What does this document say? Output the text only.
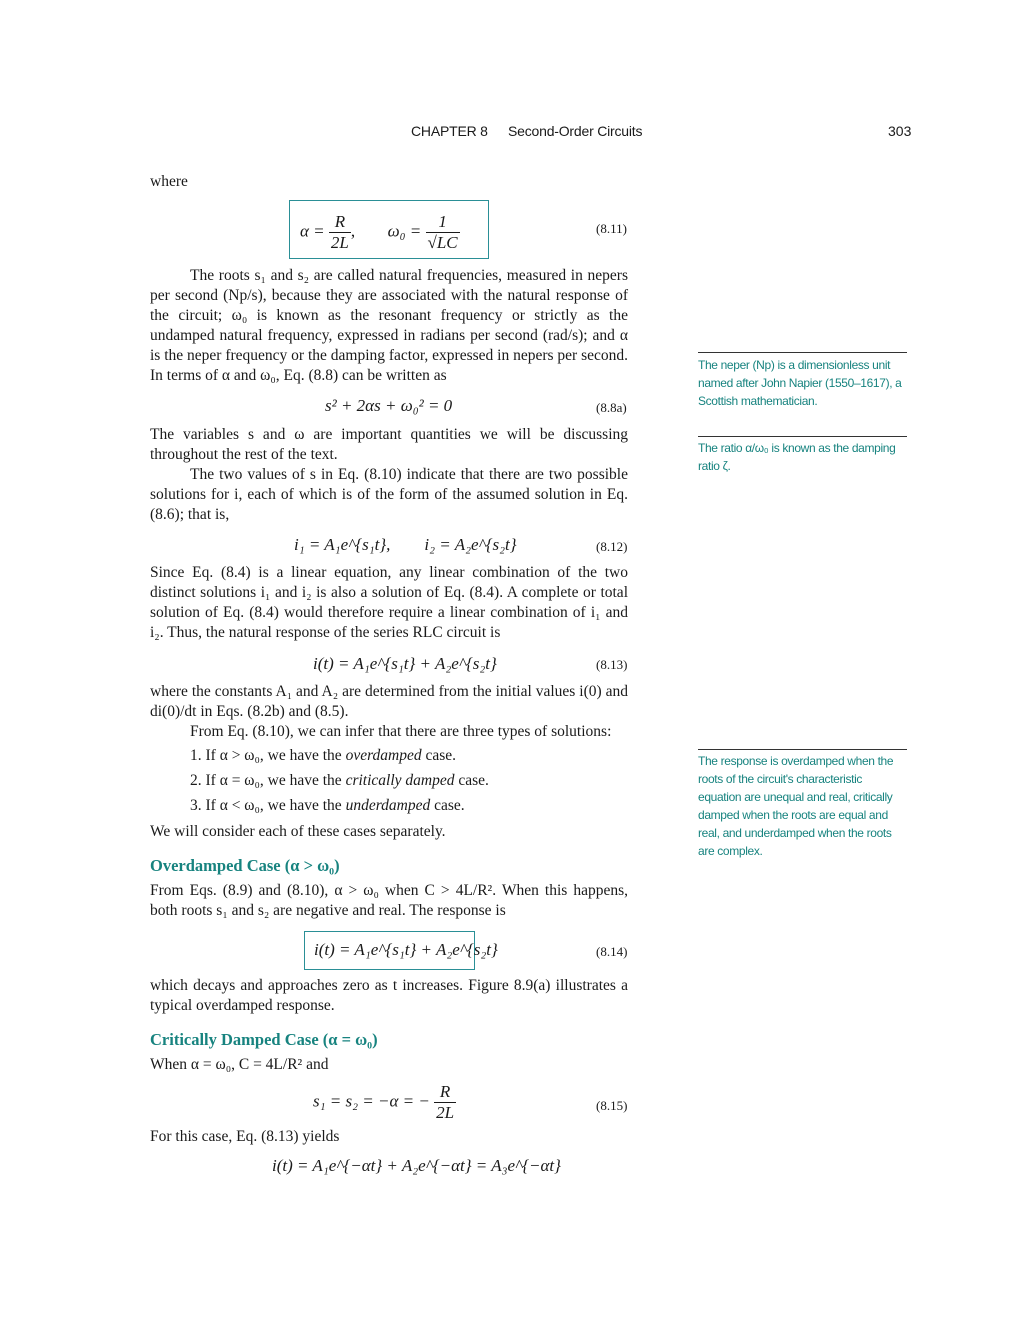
CHAPTER 8 Second-Order Circuits	303
where
$\alpha = \frac{R}{2L}$ ,  $\omega_0 = \frac{1}{√LC}$	(8.11)
The roots s₁ and s₂ are called natural frequencies, measured in nepers per second (Np/s), because they are associated with the natural response of the circuit; ω₀ is known as the resonant frequency or strictly as the undamped natural frequency, expressed in radians per second (rad/s); and α is the neper frequency or the damping factor, expressed in nepers per second. In terms of α and ω₀, Eq. (8.8) can be written as
s² + 2αs + ω₀² = 0	(8.8a)
The variables s and ω are important quantities we will be discussing throughout the rest of the text.
The two values of s in Eq. (8.10) indicate that there are two possible solutions for i, each of which is of the form of the assumed solution in Eq. (8.6); that is,
i₁ = A₁e^{s₁t},        i₂ = A₂e^{s₂t}	(8.12)
Since Eq. (8.4) is a linear equation, any linear combination of the two distinct solutions i₁ and i₂ is also a solution of Eq. (8.4). A complete or total solution of Eq. (8.4) would therefore require a linear combination of i₁ and i₂. Thus, the natural response of the series RLC circuit is
i(t) = A₁e^{s₁t} + A₂e^{s₂t}	(8.13)
where the constants A₁ and A₂ are determined from the initial values i(0) and di(0)/dt in Eqs. (8.2b) and (8.5).
From Eq. (8.10), we can infer that there are three types of solutions:
1. If α > ω₀, we have the overdamped case.
2. If α = ω₀, we have the critically damped case.
3. If α < ω₀, we have the underdamped case.
We will consider each of these cases separately.
Overdamped Case (α > ω₀)
From Eqs. (8.9) and (8.10), α > ω₀ when C > 4L/R². When this happens, both roots s₁ and s₂ are negative and real. The response is
i(t) = A₁e^{s₁t} + A₂e^{s₂t}	(8.14)
which decays and approaches zero as t increases. Figure 8.9(a) illustrates a typical overdamped response.
Critically Damped Case (α = ω₀)
When α = ω₀, C = 4L/R² and
s₁ = s₂ = −α = − $\frac{R}{2L}$	(8.15)
For this case, Eq. (8.13) yields
i(t) = A₁e^{−αt} + A₂e^{−αt} = A₃e^{−αt}
The neper (Np) is a dimensionless unit named after John Napier (1550–1617), a Scottish mathematician.
The ratio α/ω₀ is known as the damping ratio ζ.
The response is overdamped when the roots of the circuit's characteristic equation are unequal and real, critically damped when the roots are equal and real, and underdamped when the roots are complex.
